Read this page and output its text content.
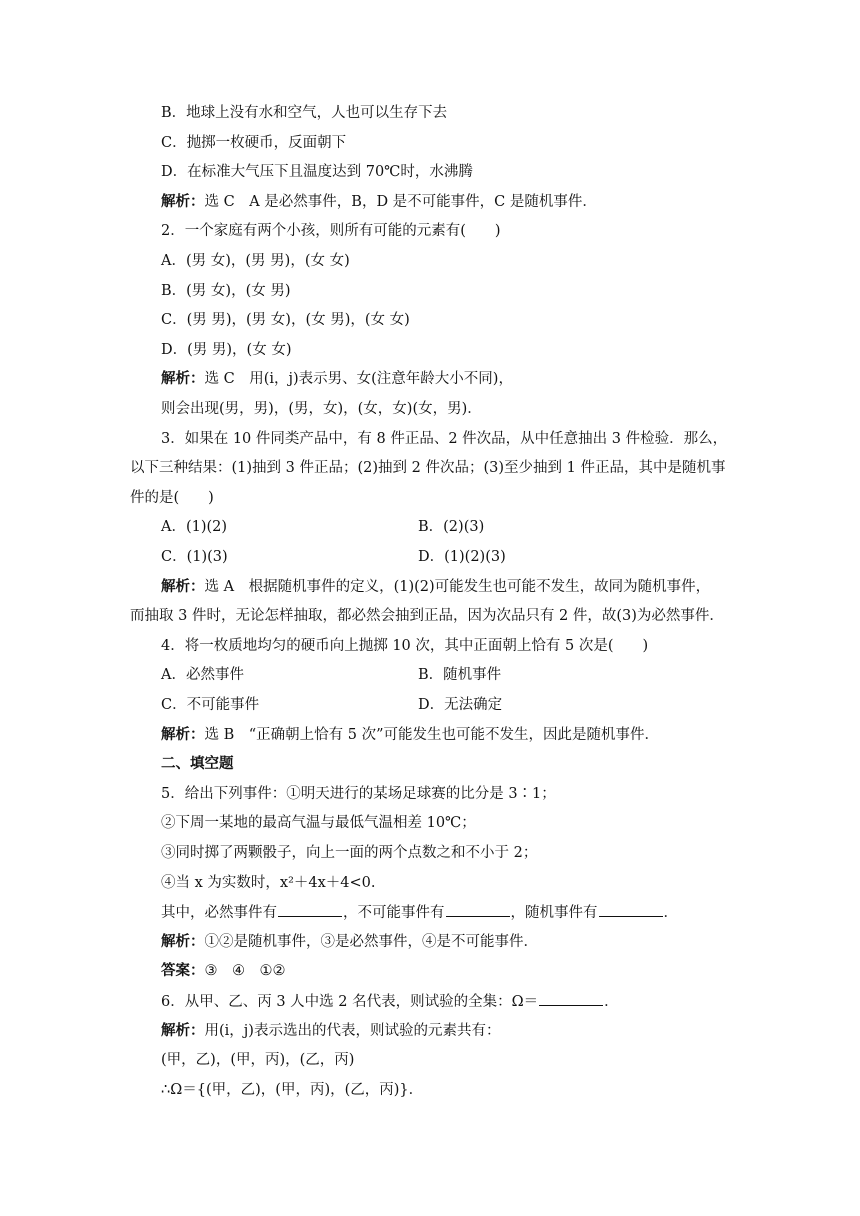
B．地球上没有水和空气，人也可以生存下去
C．抛掷一枚硬币，反面朝下
D．在标准大气压下且温度达到 70℃时，水沸腾
解析：选 C　A 是必然事件，B，D 是不可能事件，C 是随机事件．
2．一个家庭有两个小孩，则所有可能的元素有(　　)
A．(男 女)，(男 男)，(女 女)
B．(男 女)，(女 男)
C．(男 男)，(男 女)，(女 男)，(女 女)
D．(男 男)，(女 女)
解析：选 C　用(i，j)表示男、女(注意年龄大小不同)，
则会出现(男，男)，(男，女)，(女，女)(女，男)．
3．如果在 10 件同类产品中，有 8 件正品、2 件次品，从中任意抽出 3 件检验．那么，
以下三种结果：(1)抽到 3 件正品；(2)抽到 2 件次品；(3)至少抽到 1 件正品，其中是随机事
件的是(　　)
A．(1)(2)	B．(2)(3)
C．(1)(3)	D．(1)(2)(3)
解析：选 A　根据随机事件的定义，(1)(2)可能发生也可能不发生，故同为随机事件，
而抽取 3 件时，无论怎样抽取，都必然会抽到正品，因为次品只有 2 件，故(3)为必然事件．
4．将一枚质地均匀的硬币向上抛掷 10 次，其中正面朝上恰有 5 次是(　　)
A．必然事件	B．随机事件
C．不可能事件	D．无法确定
解析：选 B　“正确朝上恰有 5 次”可能发生也可能不发生，因此是随机事件．
二、填空题
5．给出下列事件：①明天进行的某场足球赛的比分是 3∶1；
②下周一某地的最高气温与最低气温相差 10℃；
③同时掷了两颗骰子，向上一面的两个点数之和不小于 2；
④当 x 为实数时，x²＋4x＋4<0.
其中，必然事件有	，不可能事件有	，随机事件有	．
解析：①②是随机事件，③是必然事件，④是不可能事件．
答案：③　④　①②
6．从甲、乙、丙 3 人中选 2 名代表，则试验的全集：Ω＝	．
解析：用(i，j)表示选出的代表，则试验的元素共有：
(甲，乙)，(甲，丙)，(乙，丙)
∴Ω＝{(甲，乙)，(甲，丙)，(乙，丙)}．
